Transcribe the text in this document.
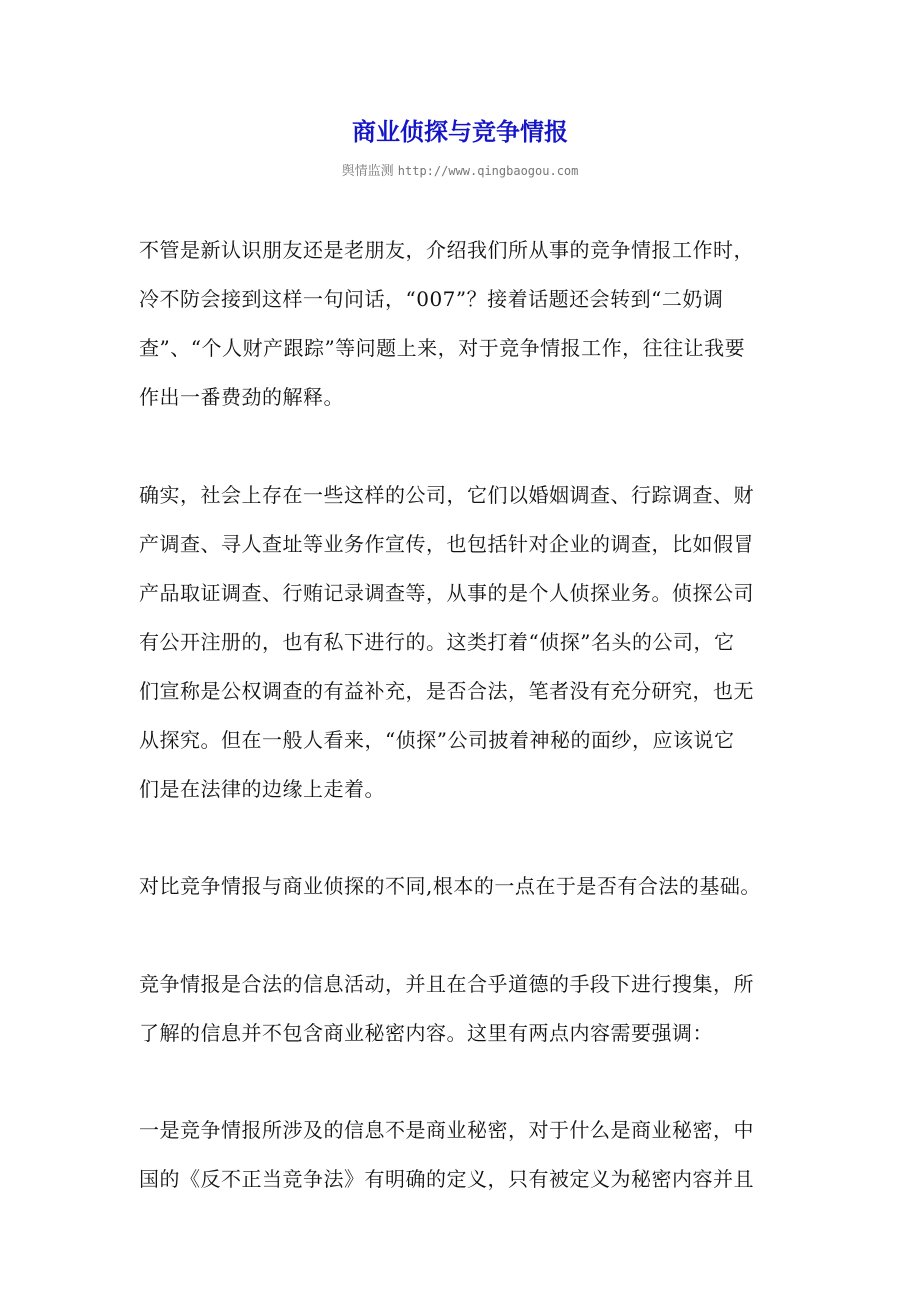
商业侦探与竞争情报
舆情监测 http://www.qingbaogou.com

不管是新认识朋友还是老朋友，介绍我们所从事的竞争情报工作时，
冷不防会接到这样一句问话，“007”？接着话题还会转到“二奶调
查”、“个人财产跟踪”等问题上来，对于竞争情报工作，往往让我要
作出一番费劲的解释。

确实，社会上存在一些这样的公司，它们以婚姻调查、行踪调查、财
产调查、寻人查址等业务作宣传，也包括针对企业的调查，比如假冒
产品取证调查、行贿记录调查等，从事的是个人侦探业务。侦探公司
有公开注册的，也有私下进行的。这类打着“侦探”名头的公司，它
们宣称是公权调查的有益补充，是否合法，笔者没有充分研究，也无
从探究。但在一般人看来，“侦探”公司披着神秘的面纱，应该说它
们是在法律的边缘上走着。

对比竞争情报与商业侦探的不同,根本的一点在于是否有合法的基础。

竞争情报是合法的信息活动，并且在合乎道德的手段下进行搜集，所
了解的信息并不包含商业秘密内容。这里有两点内容需要强调：

一是竞争情报所涉及的信息不是商业秘密，对于什么是商业秘密，中
国的《反不正当竞争法》有明确的定义，只有被定义为秘密内容并且
